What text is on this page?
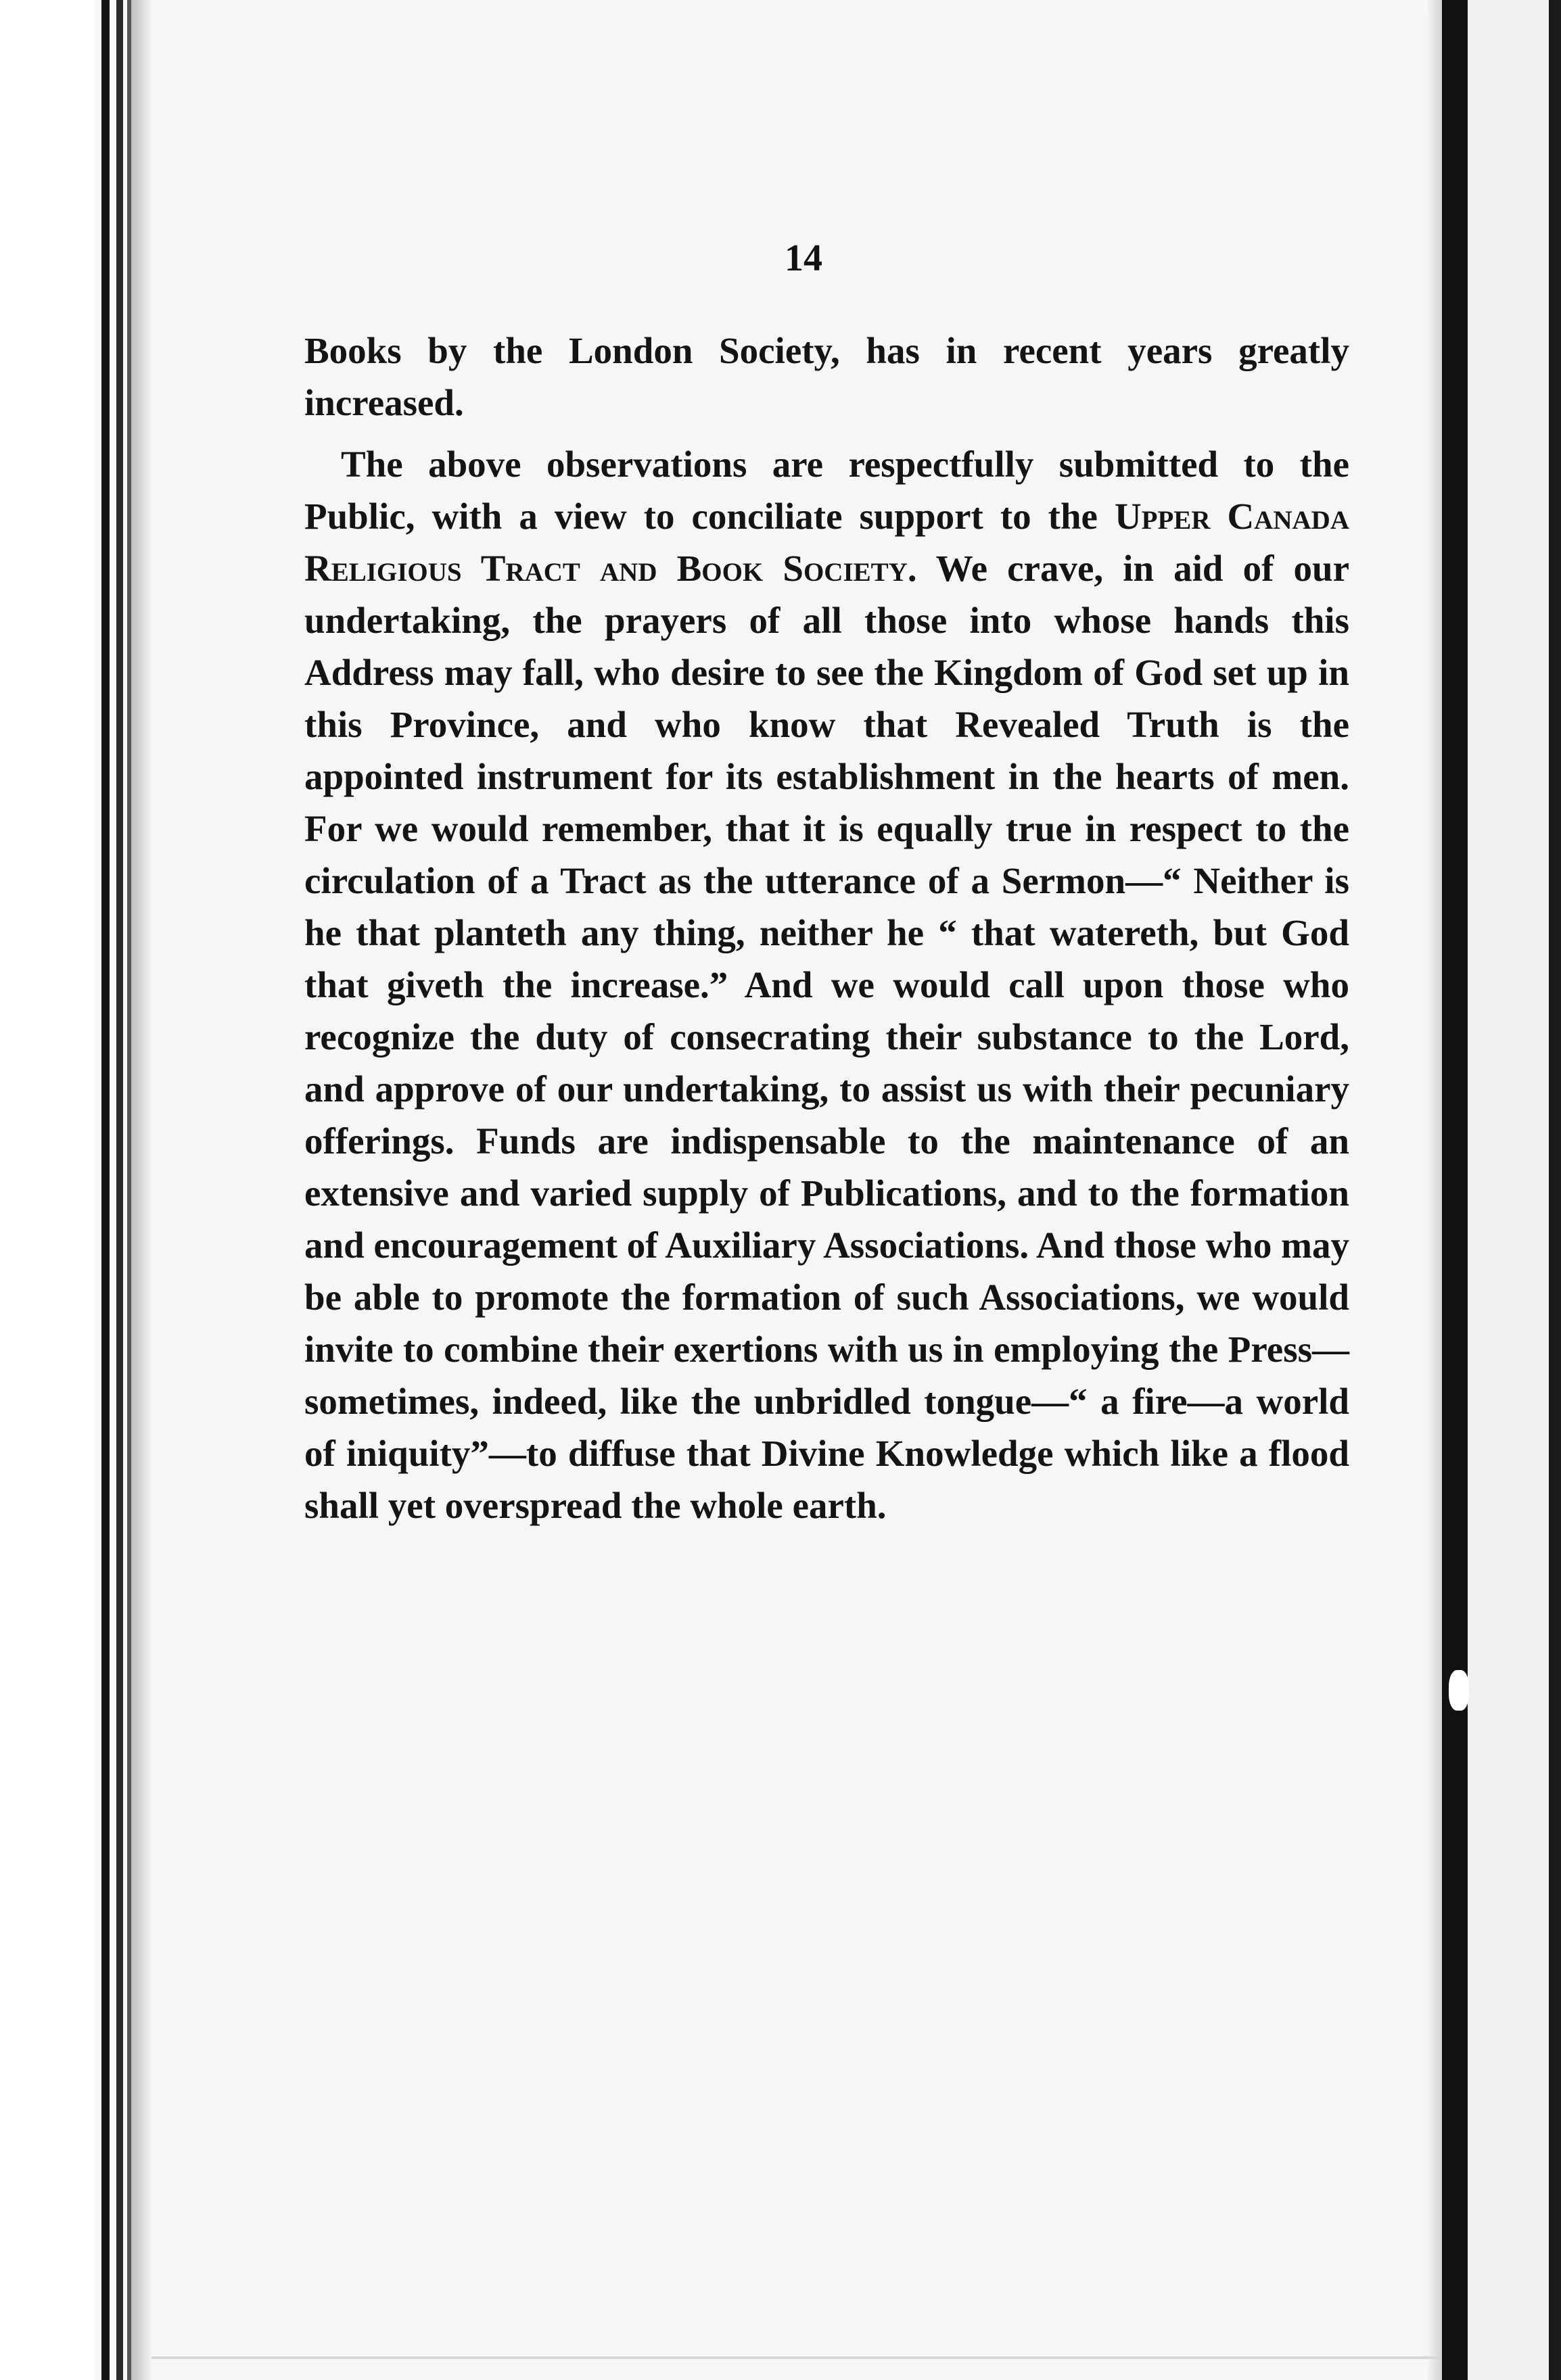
14

Books by the London Society, has in recent years greatly increased.

The above observations are respectfully submitted to the Public, with a view to conciliate support to the Upper Canada Religious Tract and Book Society. We crave, in aid of our undertaking, the prayers of all those into whose hands this Address may fall, who desire to see the Kingdom of God set up in this Province, and who know that Revealed Truth is the appointed instrument for its establishment in the hearts of men. For we would remember, that it is equally true in respect to the circulation of a Tract as the utterance of a Sermon—“ Neither is he that planteth any thing, neither he “ that watereth, but God that giveth the increase.” And we would call upon those who recognize the duty of consecrating their substance to the Lord, and approve of our undertaking, to assist us with their pecuniary offerings. Funds are indispensable to the maintenance of an extensive and varied supply of Publications, and to the formation and encouragement of Auxiliary Associations. And those who may be able to promote the formation of such Associations, we would invite to combine their exertions with us in employing the Press—sometimes, indeed, like the unbridled tongue—“ a fire—a world of iniquity”—to diffuse that Divine Knowledge which like a flood shall yet overspread the whole earth.
